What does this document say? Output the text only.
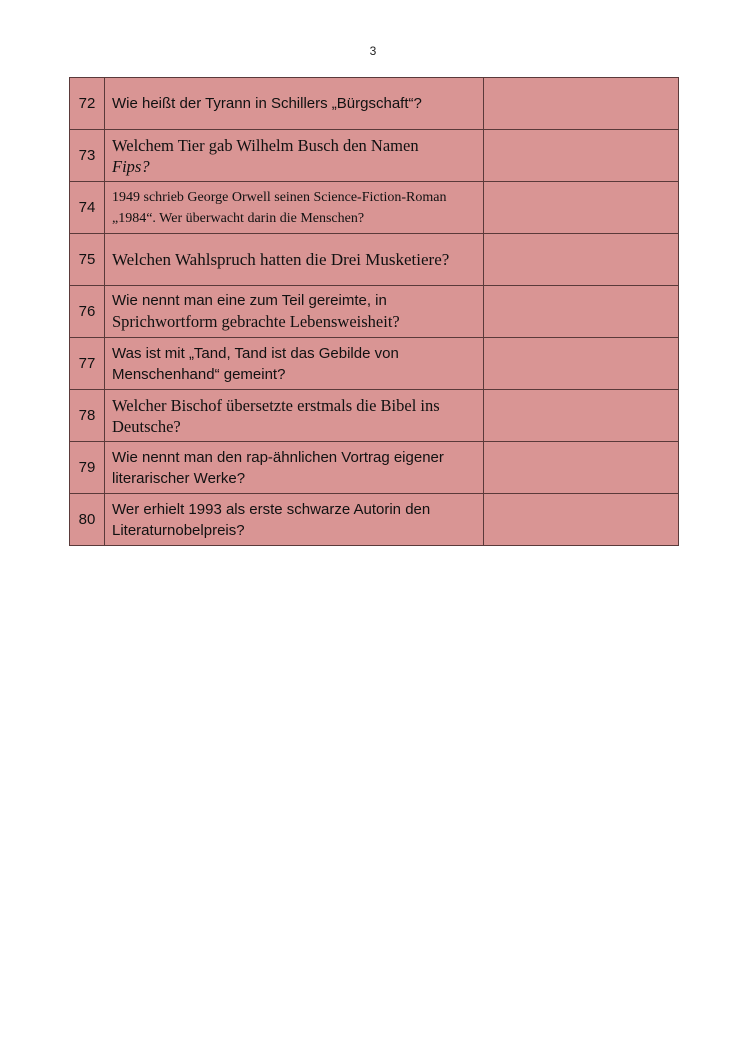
3
72	Wie heißt der Tyrann in Schillers „Bürgschaft“?	
73	Welchem Tier gab Wilhelm Busch den Namen
Fips?	
74	1949 schrieb George Orwell seinen Science-Fiction-Roman „1984“. Wer überwacht darin die Menschen?	
75	Welchen Wahlspruch hatten die Drei Musketiere?	
76	Wie nennt man eine zum Teil gereimte, in
Sprichwortform gebrachte Lebensweisheit?	
77	Was ist mit „Tand, Tand ist das Gebilde von Menschenhand“ gemeint?	
78	Welcher Bischof übersetzte erstmals die Bibel ins Deutsche?	
79	Wie nennt man den rap-ähnlichen Vortrag eigener literarischer Werke?	
80	Wer erhielt 1993 als erste schwarze Autorin den Literaturnobelpreis?	
